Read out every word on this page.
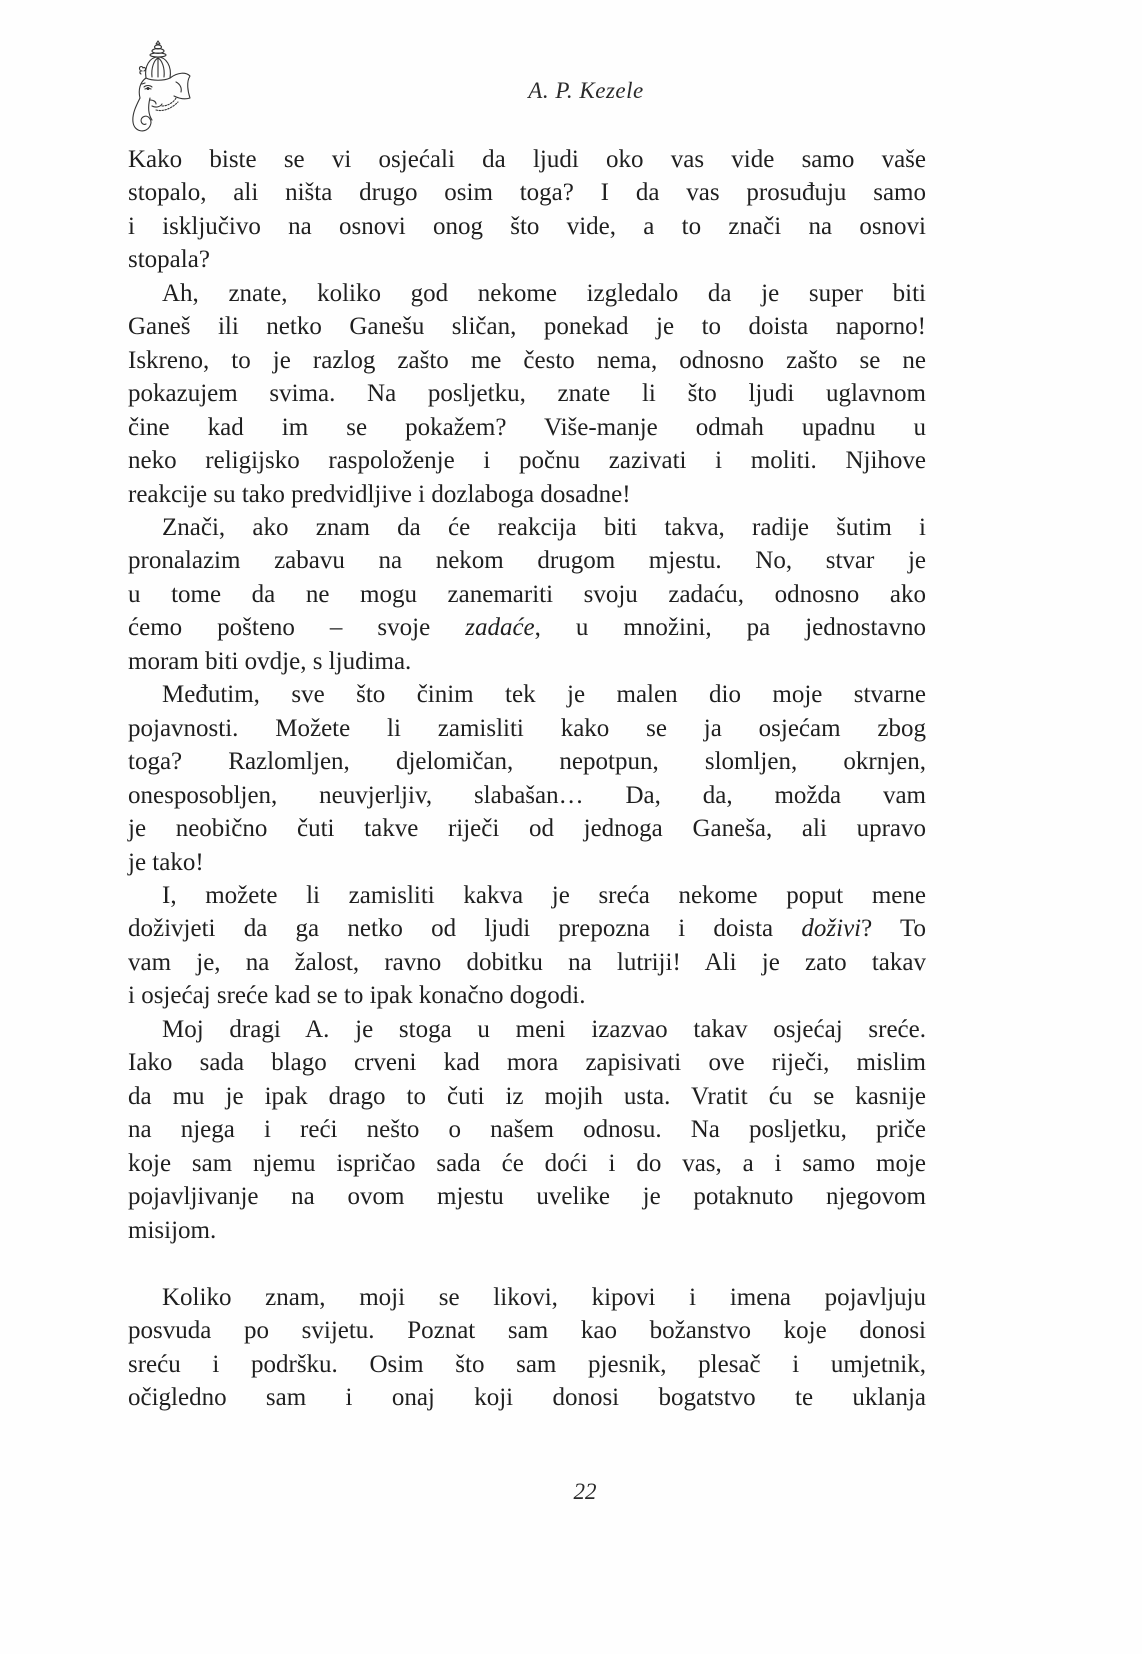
A. P. Kezele

Kako biste se vi osjećali da ljudi oko vas vide samo vaše
stopalo, ali ništa drugo osim toga? I da vas prosuđuju samo
i isključivo na osnovi onog što vide, a to znači na osnovi
stopala?

Ah, znate, koliko god nekome izgledalo da je super biti
Ganeš ili netko Ganešu sličan, ponekad je to doista naporno!
Iskreno, to je razlog zašto me često nema, odnosno zašto se ne
pokazujem svima. Na posljetku, znate li što ljudi uglavnom
čine kad im se pokažem? Više-manje odmah upadnu u
neko religijsko raspoloženje i počnu zazivati i moliti. Njihove
reakcije su tako predvidljive i dozlaboga dosadne!

Znači, ako znam da će reakcija biti takva, radije šutim i
pronalazim zabavu na nekom drugom mjestu. No, stvar je
u tome da ne mogu zanemariti svoju zadaću, odnosno ako
ćemo pošteno – svoje zadaće, u množini, pa jednostavno
moram biti ovdje, s ljudima.

Međutim, sve što činim tek je malen dio moje stvarne
pojavnosti. Možete li zamisliti kako se ja osjećam zbog
toga? Razlomljen, djelomičan, nepotpun, slomljen, okrnjen,
onesposobljen, neuvjerljiv, slabašan… Da, da, možda vam
je neobično čuti takve riječi od jednoga Ganeša, ali upravo
je tako!

I, možete li zamisliti kakva je sreća nekome poput mene
doživjeti da ga netko od ljudi prepozna i doista doživi? To
vam je, na žalost, ravno dobitku na lutriji! Ali je zato takav
i osjećaj sreće kad se to ipak konačno dogodi.

Moj dragi A. je stoga u meni izazvao takav osjećaj sreće.
Iako sada blago crveni kad mora zapisivati ove riječi, mislim
da mu je ipak drago to čuti iz mojih usta. Vratit ću se kasnije
na njega i reći nešto o našem odnosu. Na posljetku, priče
koje sam njemu ispričao sada će doći i do vas, a i samo moje
pojavljivanje na ovom mjestu uvelike je potaknuto njegovom
misijom.

Koliko znam, moji se likovi, kipovi i imena pojavljuju
posvuda po svijetu. Poznat sam kao božanstvo koje donosi
sreću i podršku. Osim što sam pjesnik, plesač i umjetnik,
očigledno sam i onaj koji donosi bogatstvo te uklanja

22
